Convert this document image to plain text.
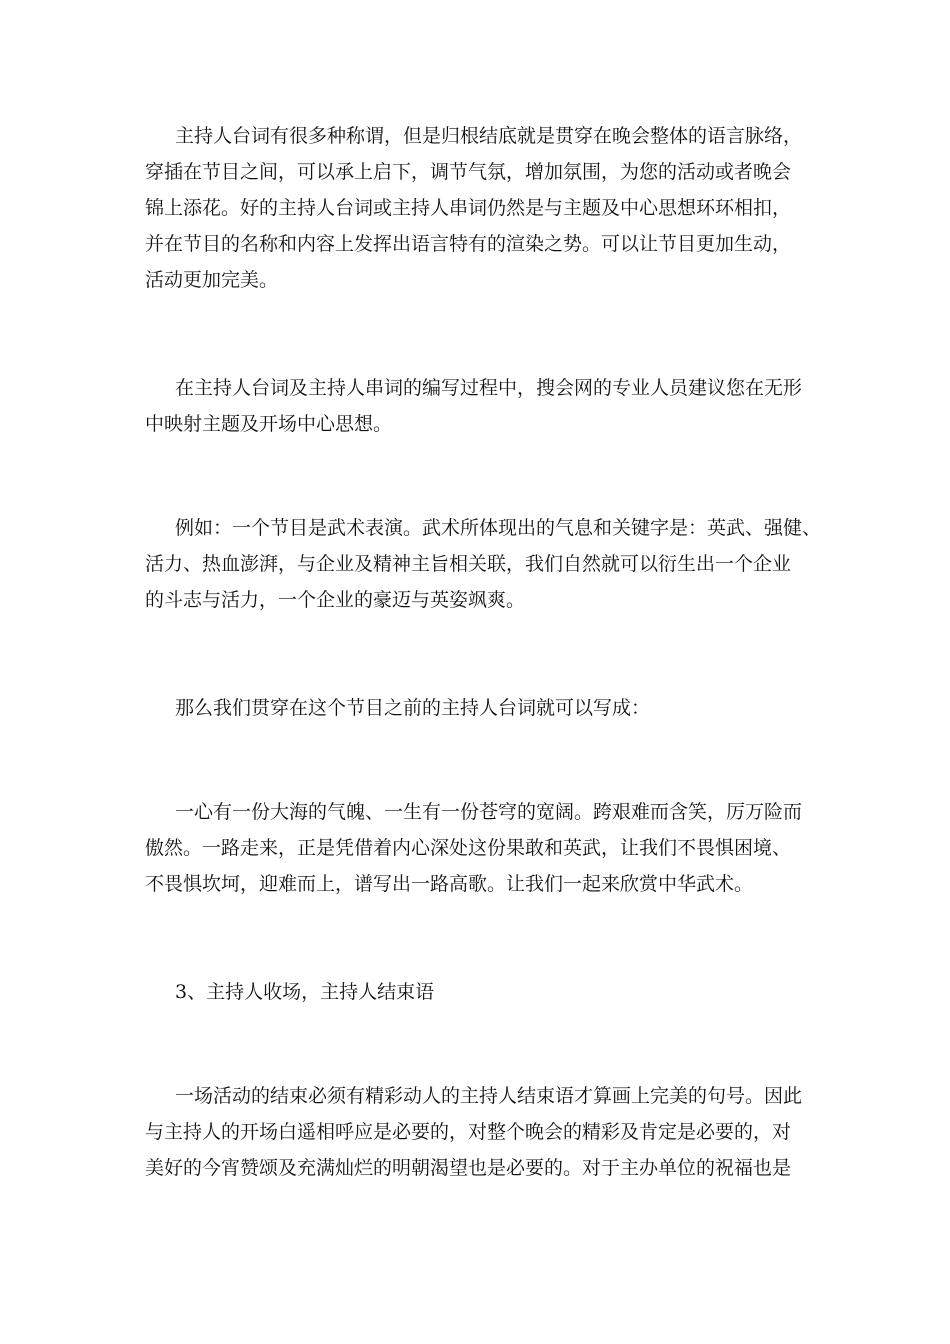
主持人台词有很多种称谓，但是归根结底就是贯穿在晚会整体的语言脉络，
穿插在节目之间，可以承上启下，调节气氛，增加氛围，为您的活动或者晚会
锦上添花。好的主持人台词或主持人串词仍然是与主题及中心思想环环相扣，
并在节目的名称和内容上发挥出语言特有的渲染之势。可以让节目更加生动，
活动更加完美。
在主持人台词及主持人串词的编写过程中，搜会网的专业人员建议您在无形
中映射主题及开场中心思想。
例如：一个节目是武术表演。武术所体现出的气息和关键字是：英武、强健、
活力、热血澎湃，与企业及精神主旨相关联，我们自然就可以衍生出一个企业
的斗志与活力，一个企业的豪迈与英姿飒爽。
那么我们贯穿在这个节目之前的主持人台词就可以写成：
一心有一份大海的气魄、一生有一份苍穹的宽阔。跨艰难而含笑，厉万险而
傲然。一路走来，正是凭借着内心深处这份果敢和英武，让我们不畏惧困境、
不畏惧坎坷，迎难而上，谱写出一路高歌。让我们一起来欣赏中华武术。
3、主持人收场，主持人结束语
一场活动的结束必须有精彩动人的主持人结束语才算画上完美的句号。因此
与主持人的开场白遥相呼应是必要的，对整个晚会的精彩及肯定是必要的，对
美好的今宵赞颂及充满灿烂的明朝渴望也是必要的。对于主办单位的祝福也是
